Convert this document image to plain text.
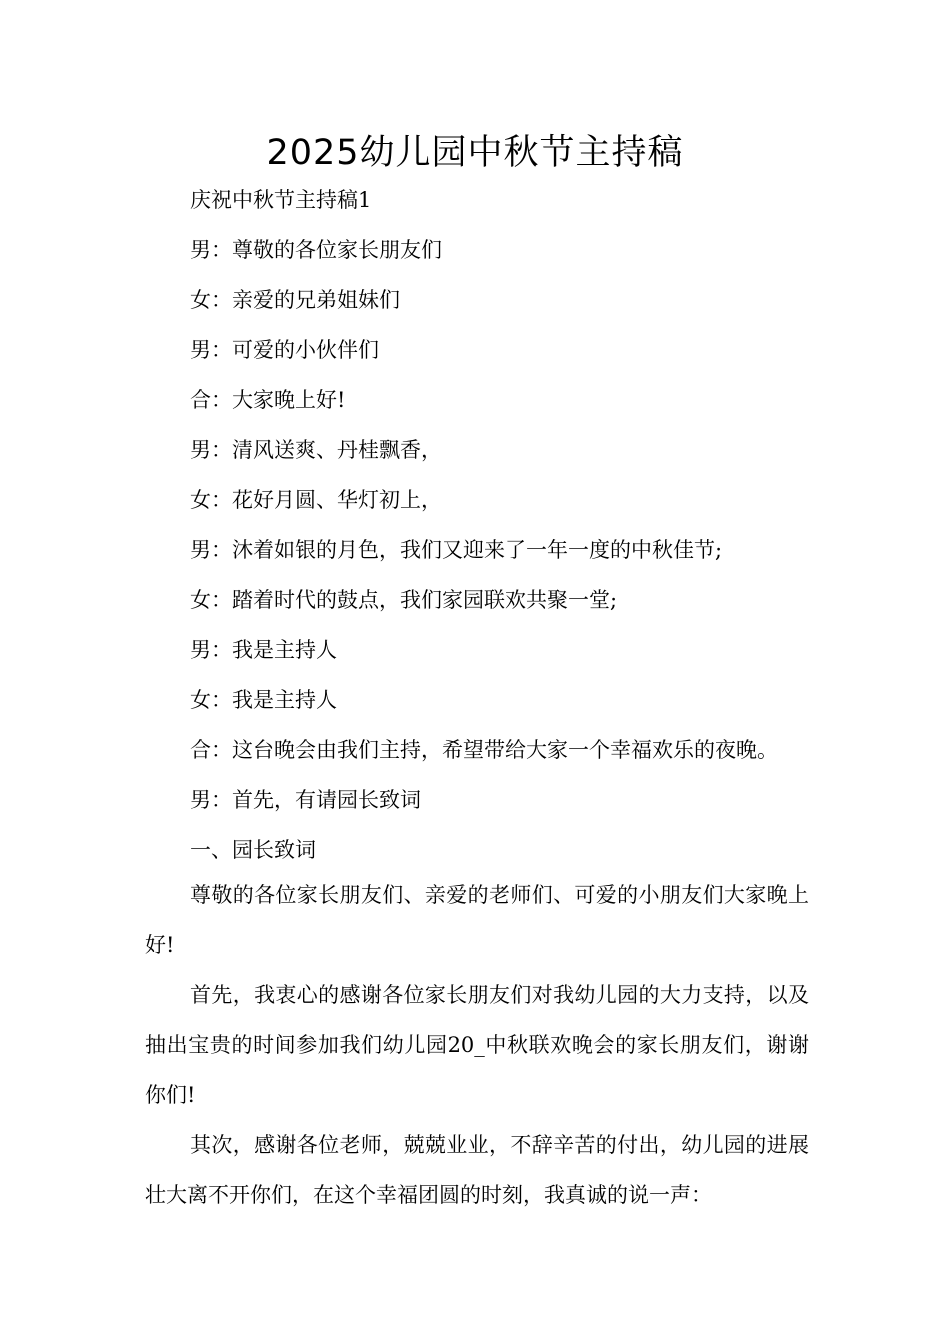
2025幼儿园中秋节主持稿
庆祝中秋节主持稿1
男：尊敬的各位家长朋友们
女：亲爱的兄弟姐妹们
男：可爱的小伙伴们
合：大家晚上好!
男：清风送爽、丹桂飘香，
女：花好月圆、华灯初上，
男：沐着如银的月色，我们又迎来了一年一度的中秋佳节;
女：踏着时代的鼓点，我们家园联欢共聚一堂;
男：我是主持人
女：我是主持人
合：这台晚会由我们主持，希望带给大家一个幸福欢乐的夜晚。
男：首先，有请园长致词
一、园长致词
尊敬的各位家长朋友们、亲爱的老师们、可爱的小朋友们大家晚上好!
首先，我衷心的感谢各位家长朋友们对我幼儿园的大力支持，以及抽出宝贵的时间参加我们幼儿园20_中秋联欢晚会的家长朋友们，谢谢你们!
其次，感谢各位老师，兢兢业业，不辞辛苦的付出，幼儿园的进展壮大离不开你们，在这个幸福团圆的时刻，我真诚的说一声：
